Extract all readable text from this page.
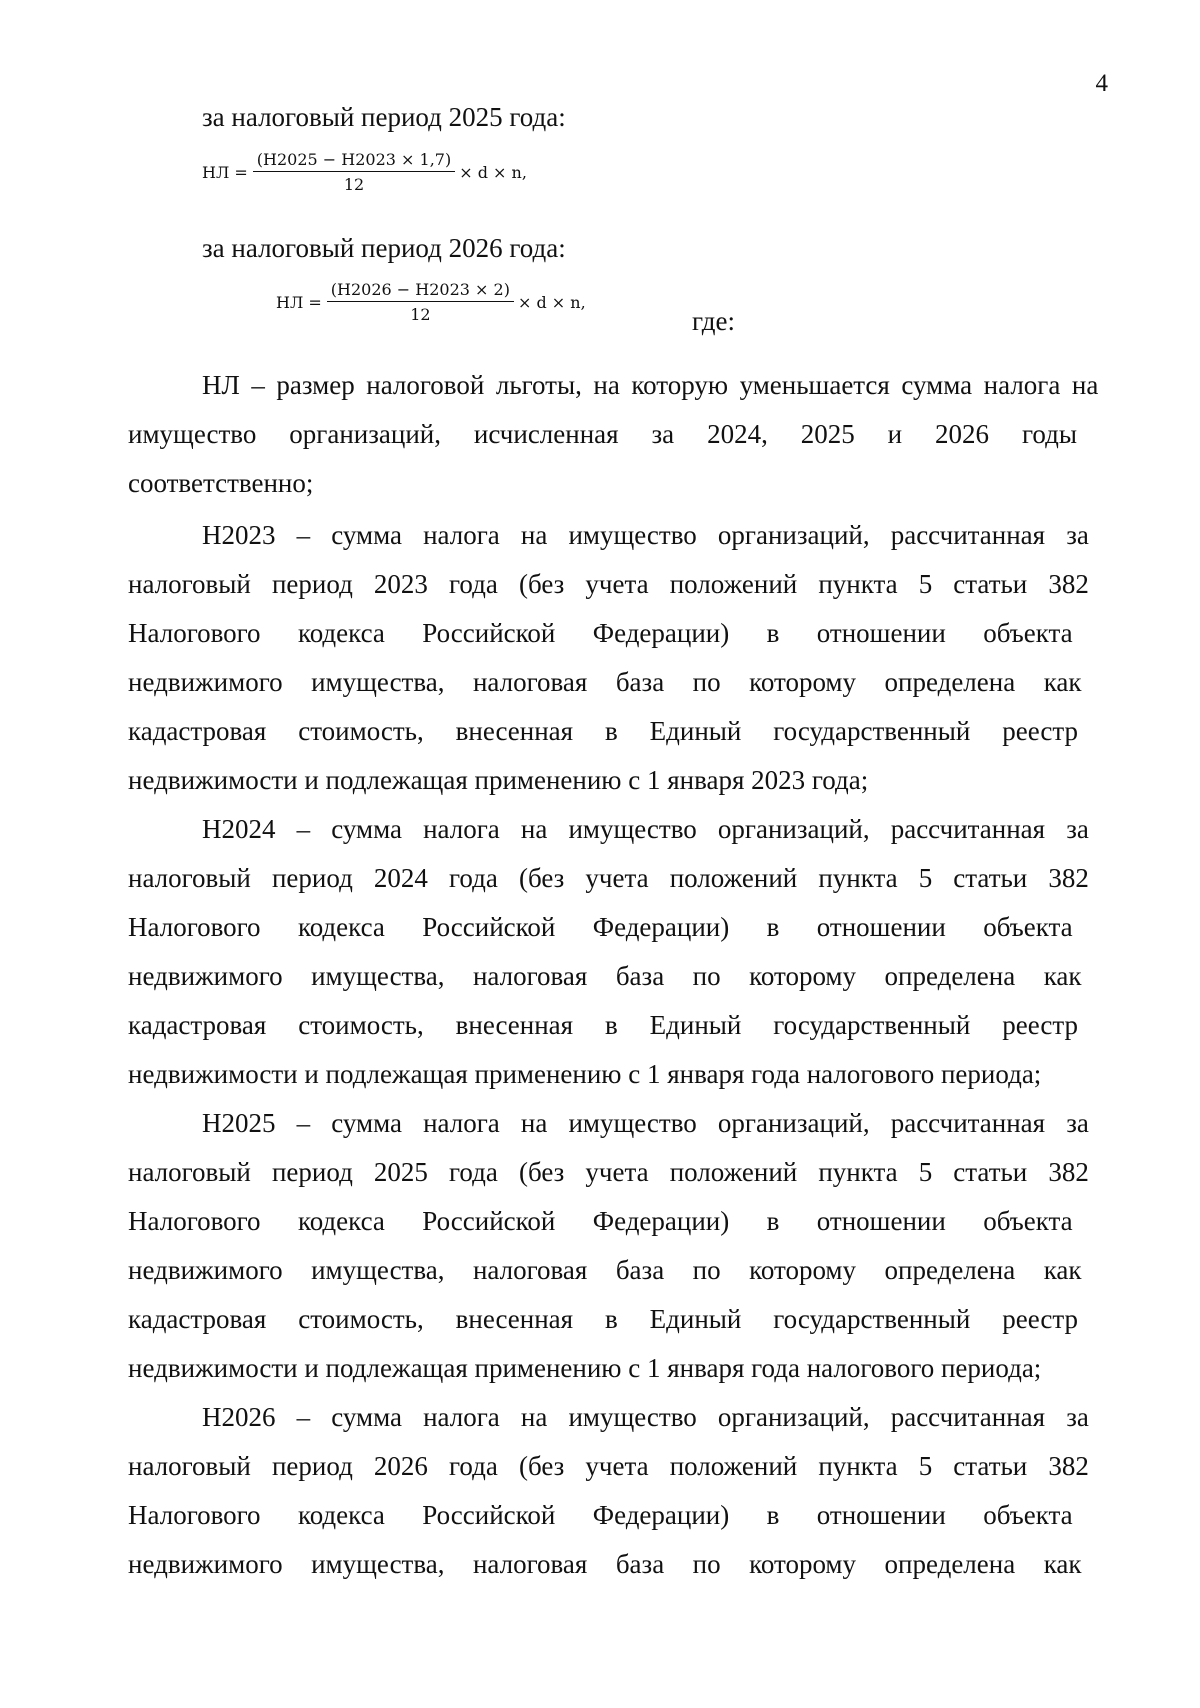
4
за налоговый период 2025 года:
НЛ = $\frac{(Н2025 - Н2023 \times 1,7)}{12} \times d \times n$,
за налоговый период 2026 года:
НЛ = $\frac{(Н2026 - Н2023 \times 2)}{12} \times d \times n$,
где:
НЛ – размер налоговой льготы, на которую уменьшается сумма налога на
имущество организаций, исчисленная за 2024, 2025 и 2026 годы
соответственно;
Н2023 – сумма налога на имущество организаций, рассчитанная за
налоговый период 2023 года (без учета положений пункта 5 статьи 382
Налогового кодекса Российской Федерации) в отношении объекта
недвижимого имущества, налоговая база по которому определена как
кадастровая стоимость, внесенная в Единый государственный реестр
недвижимости и подлежащая применению с 1 января 2023 года;
Н2024 – сумма налога на имущество организаций, рассчитанная за
налоговый период 2024 года (без учета положений пункта 5 статьи 382
Налогового кодекса Российской Федерации) в отношении объекта
недвижимого имущества, налоговая база по которому определена как
кадастровая стоимость, внесенная в Единый государственный реестр
недвижимости и подлежащая применению с 1 января года налогового периода;
Н2025 – сумма налога на имущество организаций, рассчитанная за
налоговый период 2025 года (без учета положений пункта 5 статьи 382
Налогового кодекса Российской Федерации) в отношении объекта
недвижимого имущества, налоговая база по которому определена как
кадастровая стоимость, внесенная в Единый государственный реестр
недвижимости и подлежащая применению с 1 января года налогового периода;
Н2026 – сумма налога на имущество организаций, рассчитанная за
налоговый период 2026 года (без учета положений пункта 5 статьи 382
Налогового кодекса Российской Федерации) в отношении объекта
недвижимого имущества, налоговая база по которому определена как
